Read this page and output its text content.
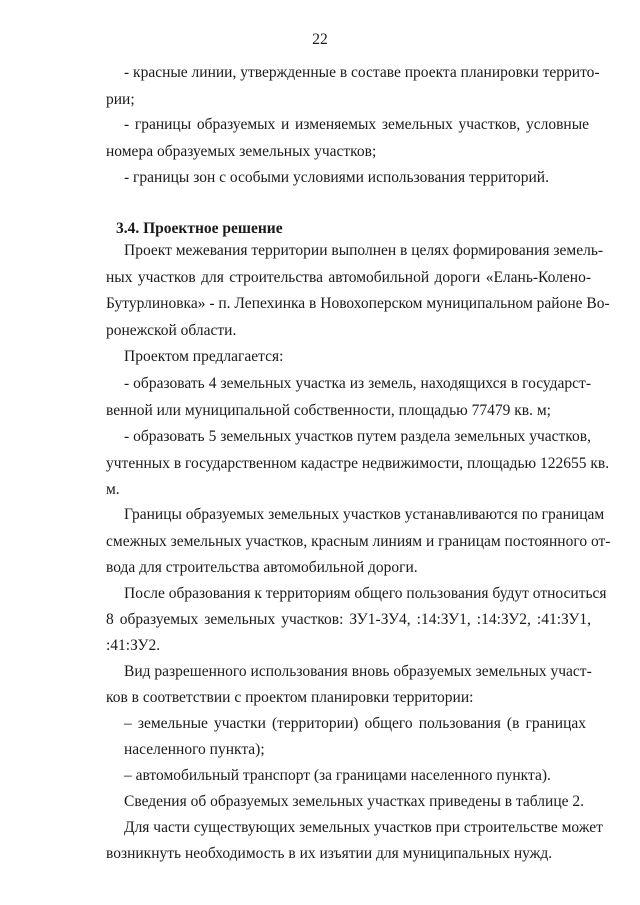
22
- красные линии, утвержденные в составе проекта планировки террито-
рии;
- границы образуемых и изменяемых земельных участков, условные
номера образуемых земельных участков;
- границы зон с особыми условиями использования территорий.
3.4. Проектное решение
Проект межевания территории выполнен в целях формирования земель-
ных участков для строительства автомобильной дороги «Елань-Колено-
Бутурлиновка» - п. Лепехинка в Новохоперском муниципальном районе Во-
ронежской области.
Проектом предлагается:
- образовать 4 земельных участка из земель, находящихся в государст-
венной или муниципальной собственности, площадью 77479 кв. м;
- образовать 5 земельных участков путем раздела земельных участков,
учтенных в государственном кадастре недвижимости, площадью 122655 кв.
м.
Границы образуемых земельных участков устанавливаются по границам
смежных земельных участков, красным линиям и границам постоянного от-
вода для строительства автомобильной дороги.
После образования к территориям общего пользования будут относиться
8 образуемых земельных участков: ЗУ1-ЗУ4, :14:ЗУ1, :14:ЗУ2, :41:ЗУ1,
:41:ЗУ2.
Вид разрешенного использования вновь образуемых земельных участ-
ков в соответствии с проектом планировки территории:
– земельные участки (территории) общего пользования (в границах
населенного пункта);
– автомобильный транспорт (за границами населенного пункта).
Сведения об образуемых земельных участках приведены в таблице 2.
Для части существующих земельных участков при строительстве может
возникнуть необходимость в их изъятии для муниципальных нужд.
